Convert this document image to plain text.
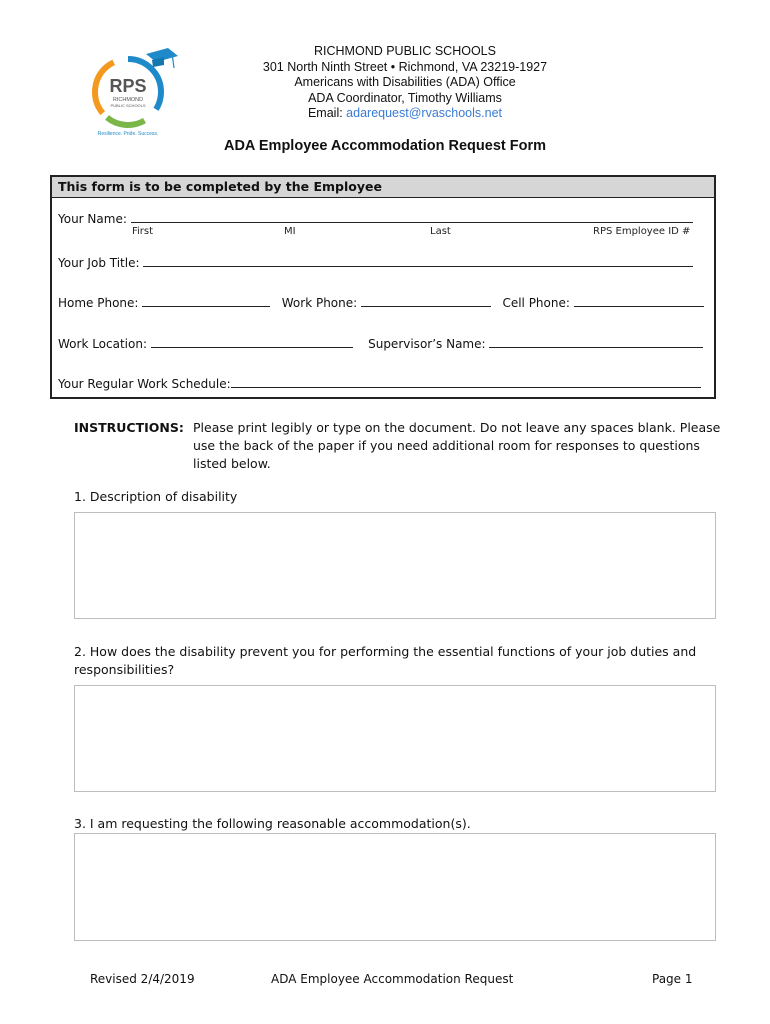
RPS
RICHMOND
PUBLIC SCHOOLS
Resilience. Pride. Success.
RICHMOND PUBLIC SCHOOLS
301 North Ninth Street • Richmond, VA 23219-1927
Americans with Disabilities (ADA) Office
ADA Coordinator, Timothy Williams
Email: adarequest@rvaschools.net
ADA Employee Accommodation Request Form
This form is to be completed by the Employee
Your Name:
First	MI	Last	RPS Employee ID #
Your Job Title:
Home Phone:	Work Phone:	Cell Phone:
Work Location:	Supervisor’s Name:
Your Regular Work Schedule:
INSTRUCTIONS: Please print legibly or type on the document. Do not leave any spaces blank. Please use the back of the paper if you need additional room for responses to questions listed below.
1. Description of disability
2. How does the disability prevent you for performing the essential functions of your job duties and responsibilities?
3. I am requesting the following reasonable accommodation(s).
Revised 2/4/2019	ADA Employee Accommodation Request	Page 1
